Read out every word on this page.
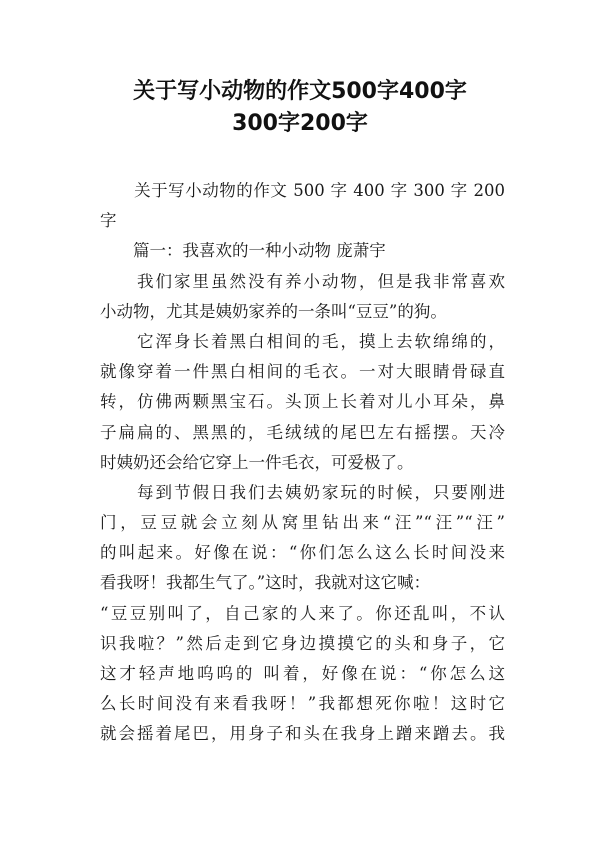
关于写小动物的作文500字400字
300字200字
　　关于写小动物的作文 500 字 400 字 300 字 200
字
　　篇一：我喜欢的一种小动物 庞萧宇
　　我们家里虽然没有养小动物，但是我非常喜欢
小动物，尤其是姨奶家养的一条叫“豆豆”的狗。
　　它浑身长着黑白相间的毛，摸上去软绵绵的，
就像穿着一件黑白相间的毛衣。一对大眼睛骨碌直
转，仿佛两颗黑宝石。头顶上长着对儿小耳朵，鼻
子扁扁的、黑黑的，毛绒绒的尾巴左右摇摆。天冷
时姨奶还会给它穿上一件毛衣，可爱极了。
　　每到节假日我们去姨奶家玩的时候，只要刚进
门，豆豆就会立刻从窝里钻出来“汪”“汪”“汪”
的叫起来。好像在说：“你们怎么这么长时间没来
看我呀！我都生气了。”这时，我就对这它喊：
“豆豆别叫了，自己家的人来了。你还乱叫，不认
识我啦？”然后走到它身边摸摸它的头和身子，它
这才轻声地呜呜的 叫着，好像在说：“你怎么这
么长时间没有来看我呀！”我都想死你啦！这时它
就会摇着尾巴，用身子和头在我身上蹭来蹭去。我
